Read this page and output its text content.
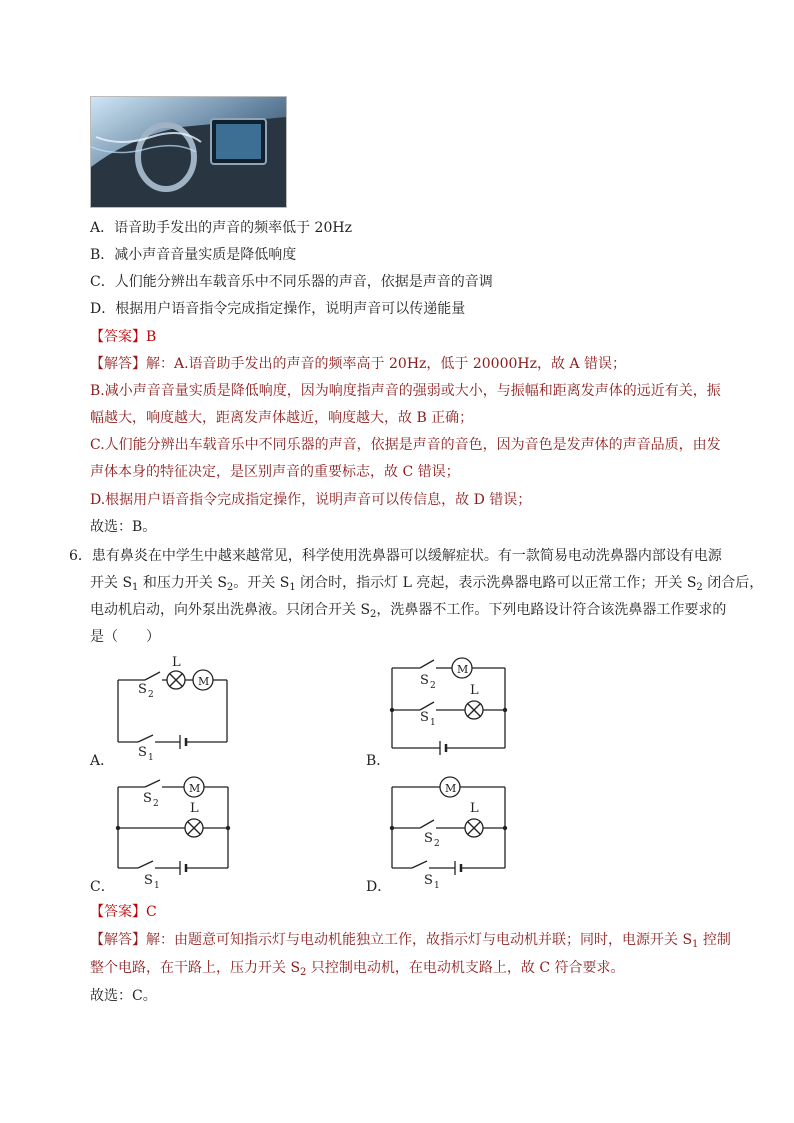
A．语音助手发出的声音的频率低于 20Hz
B．减小声音音量实质是降低响度
C．人们能分辨出车载音乐中不同乐器的声音，依据是声音的音调
D．根据用户语音指令完成指定操作，说明声音可以传递能量
【答案】B
【解答】解：A.语音助手发出的声音的频率高于 20Hz，低于 20000Hz，故 A 错误；
B.减小声音音量实质是降低响度，因为响度指声音的强弱或大小，与振幅和距离发声体的远近有关，振
幅越大，响度越大，距离发声体越近，响度越大，故 B 正确；
C.人们能分辨出车载音乐中不同乐器的声音，依据是声音的音色，因为音色是发声体的声音品质，由发
声体本身的特征决定，是区别声音的重要标志，故 C 错误；
D.根据用户语音指令完成指定操作，说明声音可以传信息，故 D 错误；
故选：B。
6．患有鼻炎在中学生中越来越常见，科学使用洗鼻器可以缓解症状。有一款简易电动洗鼻器内部设有电源
开关 $S_1$ 和压力开关 $S_2$。开关 $S_1$ 闭合时，指示灯 L 亮起，表示洗鼻器电路可以正常工作；开关 $S_2$ 闭合后，
电动机启动，向外泵出洗鼻液。只闭合开关 $S_2$，洗鼻器不工作。下列电路设计符合该洗鼻器工作要求的
是（　　）
L
M
S 2
S 1
M
S 2	L
S 1
M
S 2 L
S 1
M
L
S 2
S 1
A．	B．
C．	D．
【答案】C
【解答】解：由题意可知指示灯与电动机能独立工作，故指示灯与电动机并联；同时，电源开关 $S_1$ 控制
整个电路，在干路上，压力开关 $S_2$ 只控制电动机，在电动机支路上，故 C 符合要求。
故选：C。
